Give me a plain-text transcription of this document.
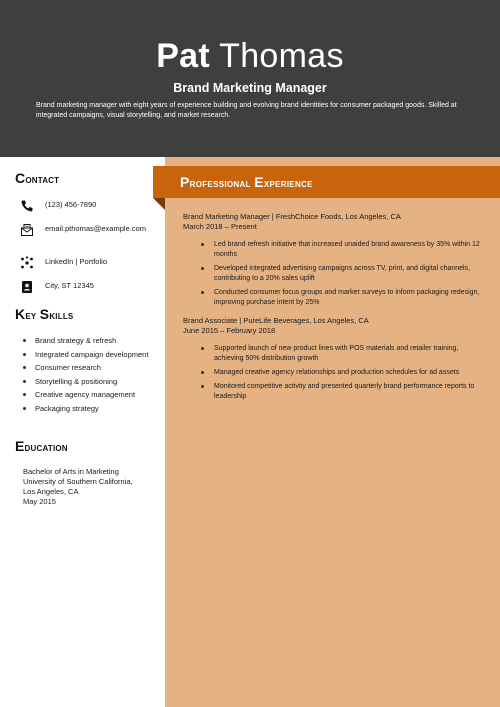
Pat Thomas
Brand Marketing Manager
Brand marketing manager with eight years of experience building and evolving brand identities for consumer packaged goods. Skilled at integrated campaigns, visual storytelling, and market research.
Contact
(123) 456-7890
email.pthomas@example.com
LinkedIn | Portfolio
City, ST 12345
Key Skills
Brand strategy & refresh
Integrated campaign development
Consumer research
Storytelling & positioning
Creative agency management
Packaging strategy
Education
Bachelor of Arts in Marketing
University of Southern California,
Los Angeles, CA
May 2015
Professional Experience
Brand Marketing Manager | FreshChoice Foods, Los Angeles, CA
March 2018 – Present
Led brand refresh initiative that increased unaided brand awareness by 35% within 12 months
Developed integrated advertising campaigns across TV, print, and digital channels, contributing to a 20% sales uplift
Conducted consumer focus groups and market surveys to inform packaging redesign, improving purchase intent by 25%
Brand Associate | PureLife Beverages, Los Angeles, CA
June 2015 – February 2018
Supported launch of new product lines with POS materials and retailer training, achieving 50% distribution growth
Managed creative agency relationships and production schedules for ad assets
Monitored competitive activity and presented quarterly brand performance reports to leadership
